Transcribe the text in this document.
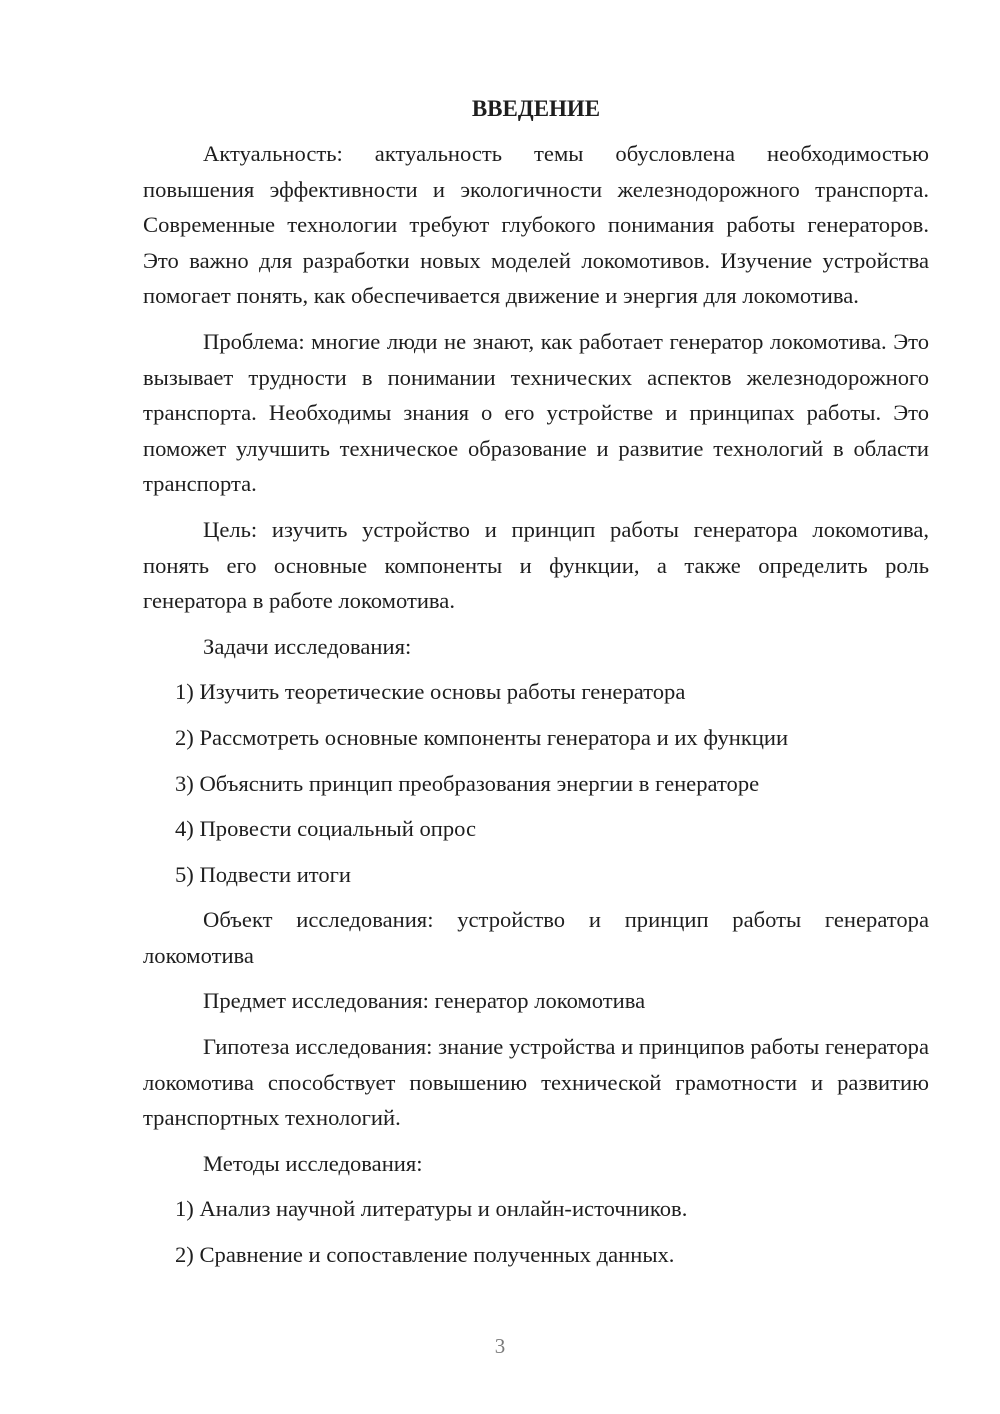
ВВЕДЕНИЕ

Актуальность: актуальность темы обусловлена необходимостью повышения эффективности и экологичности железнодорожного транспорта. Современные технологии требуют глубокого понимания работы генераторов. Это важно для разработки новых моделей локомотивов. Изучение устройства помогает понять, как обеспечивается движение и энергия для локомотива.

Проблема: многие люди не знают, как работает генератор локомотива. Это вызывает трудности в понимании технических аспектов железнодорожного транспорта. Необходимы знания о его устройстве и принципах работы. Это поможет улучшить техническое образование и развитие технологий в области транспорта.

Цель: изучить устройство и принцип работы генератора локомотива, понять его основные компоненты и функции, а также определить роль генератора в работе локомотива.

Задачи исследования:

1) Изучить теоретические основы работы генератора

2) Рассмотреть основные компоненты генератора и их функции

3) Объяснить принцип преобразования энергии в генераторе

4) Провести социальный опрос

5) Подвести итоги

Объект исследования: устройство и принцип работы генератора локомотива

Предмет исследования: генератор локомотива

Гипотеза исследования: знание устройства и принципов работы генератора локомотива способствует повышению технической грамотности и развитию транспортных технологий.

Методы исследования:

1) Анализ научной литературы и онлайн-источников.

2) Сравнение и сопоставление полученных данных.

3
